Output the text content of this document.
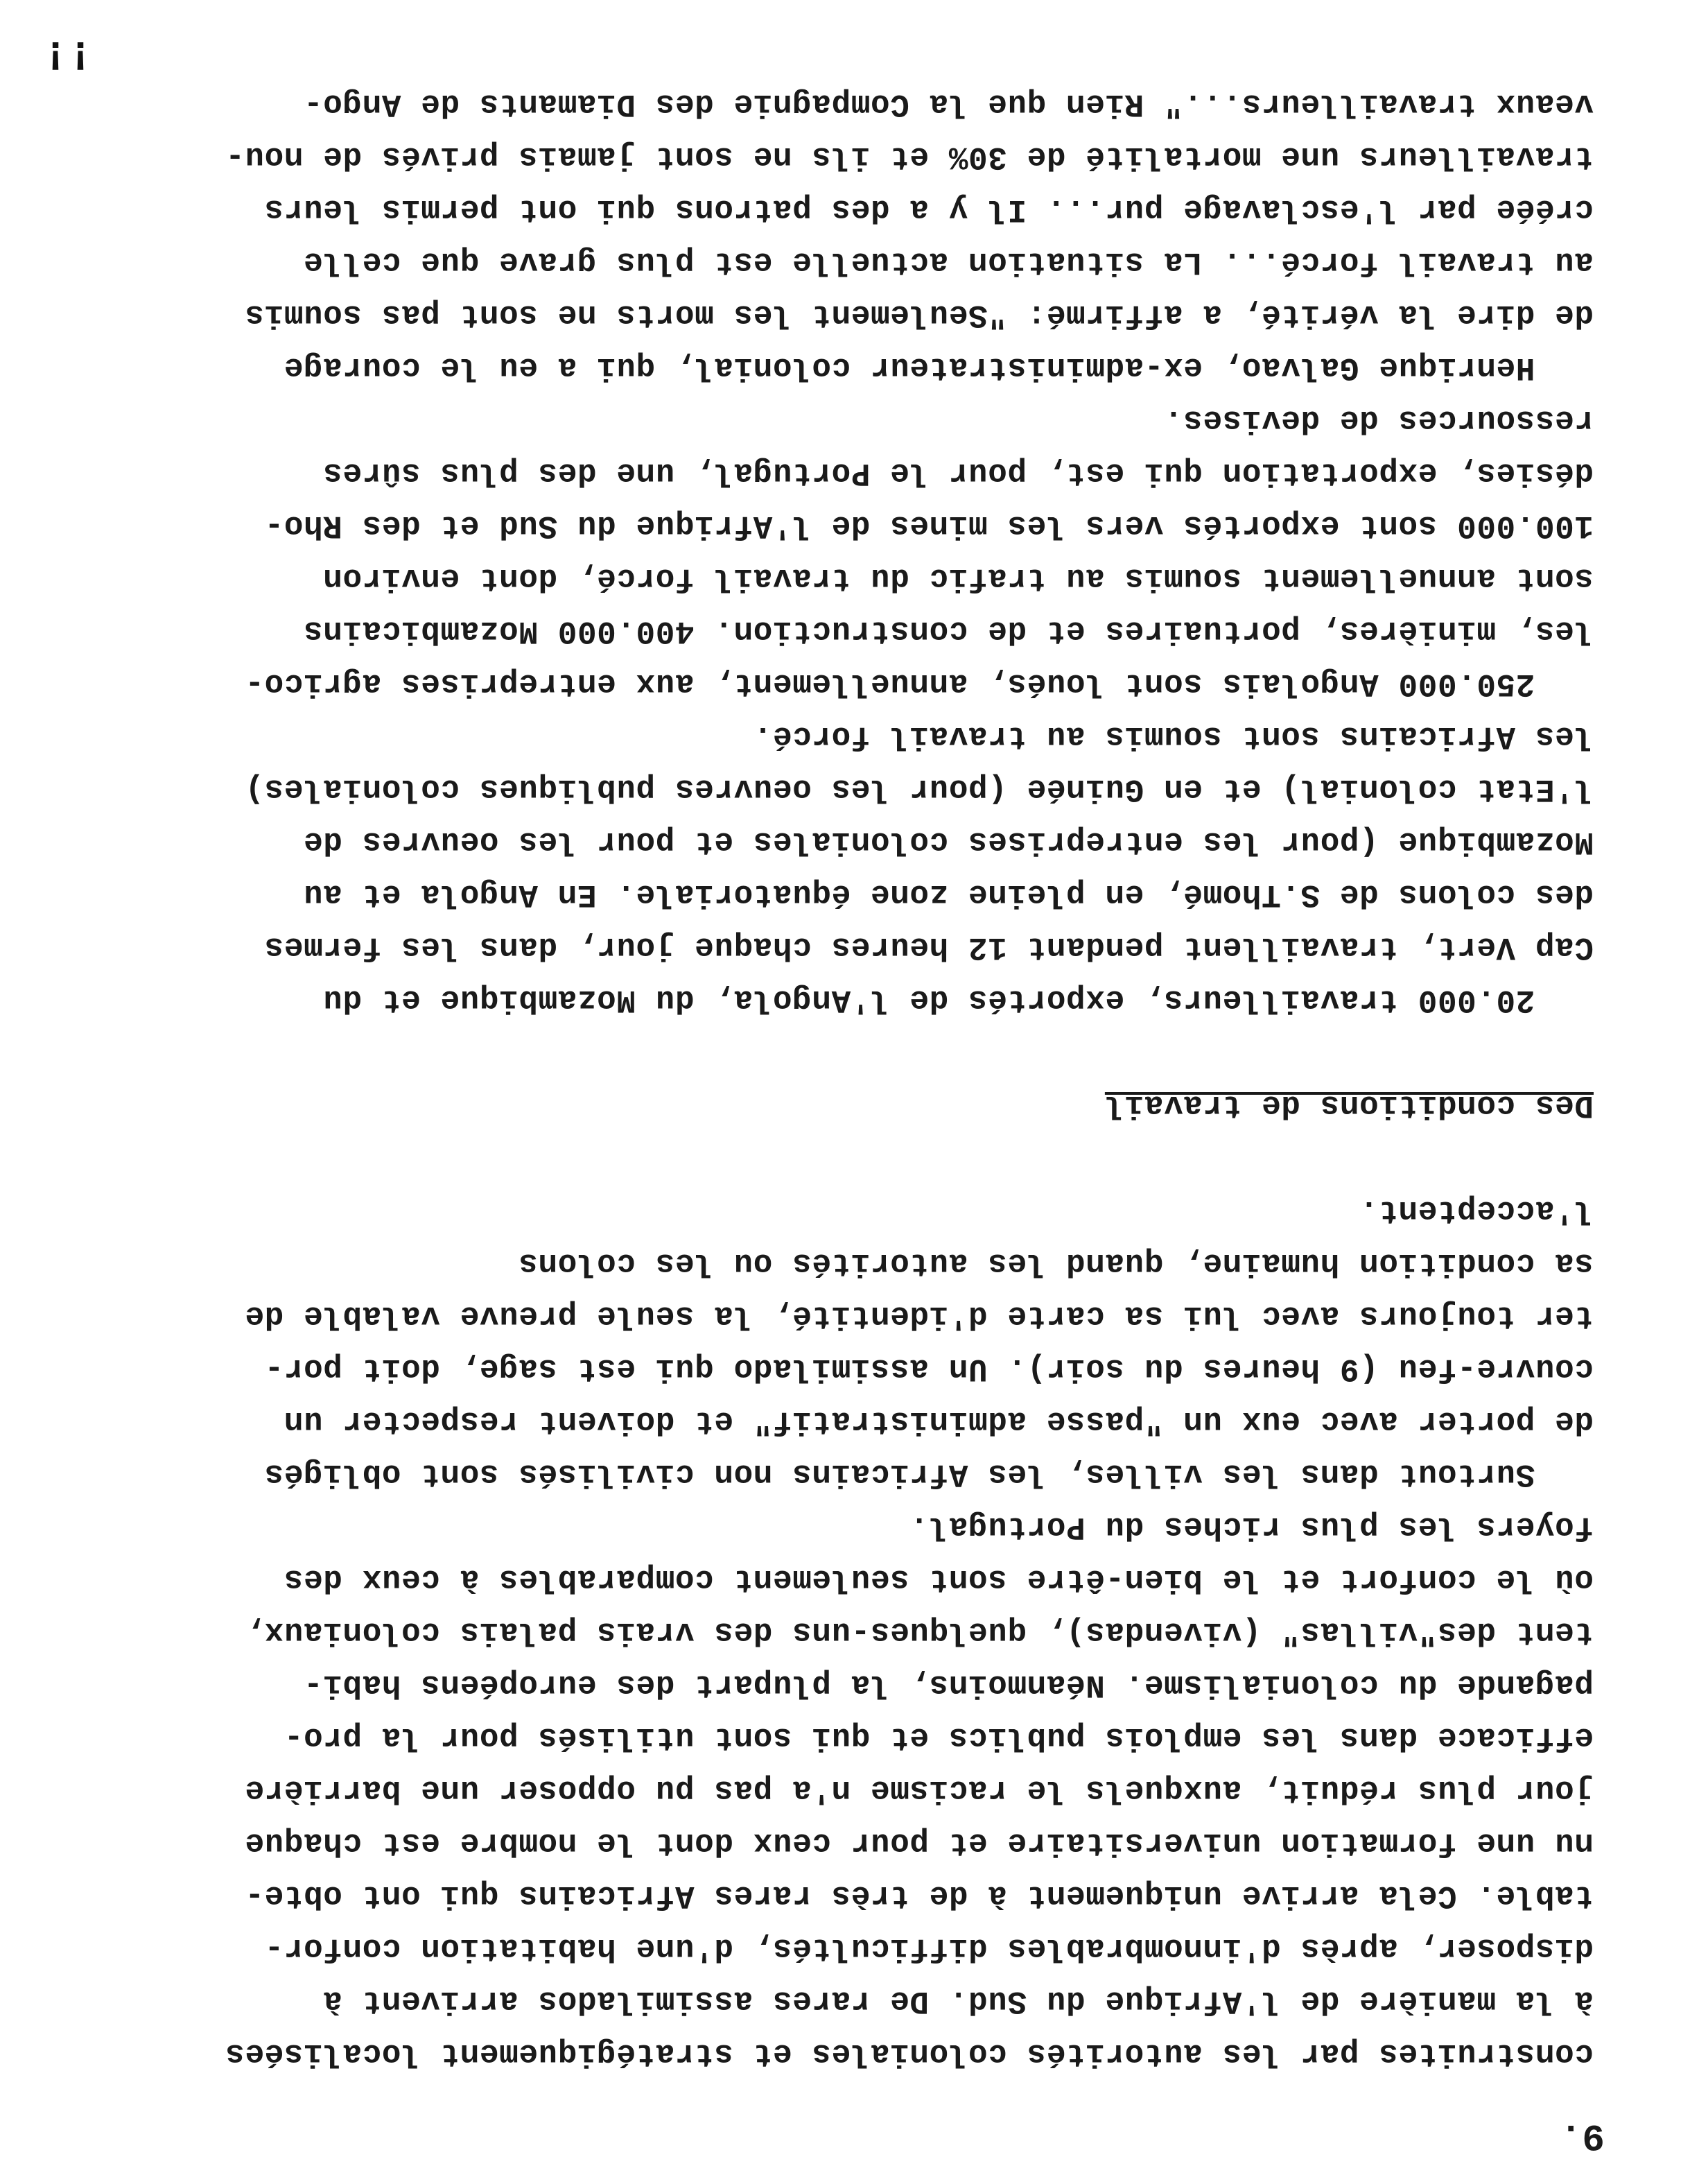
9.
construites par les autorités coloniales et stratégiquement localisées
à la manière de l'Afrique du Sud. De rares assimilados arrivent à
disposer, après d'innombrables difficultés, d'une habitation confor-
table. Cela arrive uniquement à de très rares Africains qui ont obte-
nu une formation universitaire et pour ceux dont le nombre est chaque
jour plus réduit, auxquels le racisme n'a pas pu opposer une barrière
efficace dans les emplois publics et qui sont utilisés pour la pro-
pagande du colonialisme. Néanmoins, la plupart des européens habi-
tent des"villas" (vivendas), quelques-uns des vrais palais coloniaux,
où le confort et le bien-être sont seulement comparables à ceux des
foyers les plus riches du Portugal.
Surtout dans les villes, les Africains non civilisés sont obligés
de porter avec eux un "passe administratif" et doivent respecter un
couvre-feu (9 heures du soir). Un assimilado qui est sage, doit por-
ter toujours avec lui sa carte d'identité, la seule preuve valable de
sa condition humaine, quand les autorités ou les colons
l'acceptent.
Des conditions de travail
20.000 travailleurs, exportés de l'Angola, du Mozambique et du
Cap Vert, travaillent pendant 12 heures chaque jour, dans les fermes
des colons de S.Thomé, en pleine zone équatoriale. En Angola et au
Mozambique (pour les entreprises coloniales et pour les oeuvres de
l'Etat colonial) et en Guinée (pour les oeuvres publiques coloniales)
les Africains sont soumis au travail forcé.
250.000 Angolais sont loués, annuellement, aux entreprises agrico-
les, minières, portuaires et de construction. 400.000 Mozambicains
sont annuellement soumis au trafic du travail forcé, dont environ
100.000 sont exportés vers les mines de l'Afrique du Sud et des Rho-
désies, exportation qui est, pour le Portugal, une des plus sûres
ressources de devises.
Henrique Galvao, ex-administrateur colonial, qui a eu le courage
de dire la vérité, a affirmé: "Seulement les morts ne sont pas soumis
au travail forcé... La situation actuelle est plus grave que celle
créée par l'esclavage pur... Il y a des patrons qui ont permis leurs
travailleurs une mortalité de 30% et ils ne sont jamais privés de nou-
veaux travailleurs..." Rien que la Compagnie des Diamants de Ango-
!!
